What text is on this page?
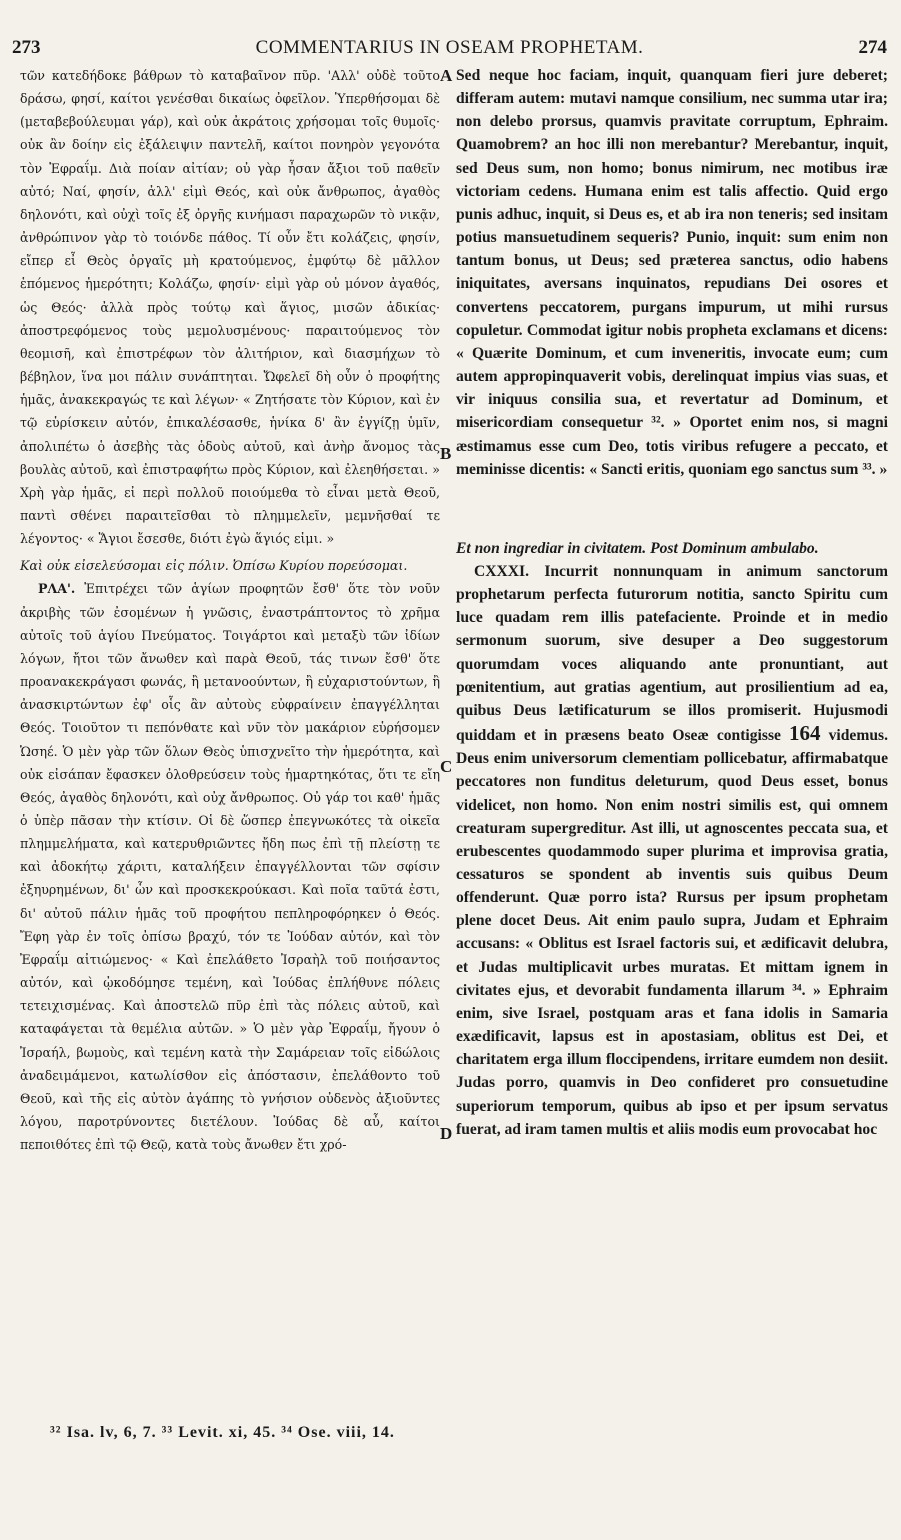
273	COMMENTARIUS IN OSEAM PROPHETAM.	274

τῶν κατεδήδοκε βάθρων τὸ καταβαῖνον πῦρ. 'Αλλ' οὐδὲ τοῦτο δράσω, φησί, καίτοι γενέσθαι δικαίως ὀφεῖλον. Ὑπερθήσομαι δὲ (μεταβεβούλευμαι γάρ), καὶ οὐκ ἀκράτοις χρήσομαι τοῖς θυμοῖς· οὐκ ἂν δοίην εἰς ἐξάλειψιν παντελῆ, καίτοι πονηρὸν γεγονότα τὸν Ἐφραΐμ. Διὰ ποίαν αἰτίαν; οὐ γὰρ ἦσαν ἄξιοι τοῦ παθεῖν αὐτό; Ναί, φησίν, ἀλλ' εἰμὶ Θεός, καὶ οὐκ ἄνθρωπος, ἀγαθὸς δηλονότι, καὶ οὐχὶ τοῖς ἐξ ὀργῆς κινήμασι παραχωρῶν τὸ νικᾷν, ἀνθρώπινον γὰρ τὸ τοιόνδε πάθος. Τί οὖν ἔτι κολάζεις, φησίν, εἴπερ εἶ Θεὸς ὀργαῖς μὴ κρατούμενος, ἐμφύτῳ δὲ μᾶλλον ἑπόμενος ἡμερότητι; Κολάζω, φησίν· εἰμὶ γὰρ οὐ μόνον ἀγαθός, ὡς Θεός· ἀλλὰ πρὸς τούτῳ καὶ ἅγιος, μισῶν ἀδικίας· ἀποστρεφόμενος τοὺς μεμολυσμένους· παραιτούμενος τὸν θεομισῆ, καὶ ἐπιστρέφων τὸν ἀλιτήριον, καὶ διασμήχων τὸ βέβηλον, ἵνα μοι πάλιν συνάπτηται. Ὤφελεῖ δὴ οὖν ὁ προφήτης ἡμᾶς, ἀνακεκραγώς τε καὶ λέγων· « Ζητήσατε τὸν Κύριον, καὶ ἐν τῷ εὑρίσκειν αὐτόν, ἐπικαλέσασθε, ἡνίκα δ' ἂν ἐγγίζῃ ὑμῖν, ἀπολιπέτω ὁ ἀσεβὴς τὰς ὁδοὺς αὐτοῦ, καὶ ἀνὴρ ἄνομος τὰς βουλὰς αὐτοῦ, καὶ ἐπιστραφήτω πρὸς Κύριον, καὶ ἐλεηθήσεται. » Χρὴ γὰρ ἡμᾶς, εἰ περὶ πολλοῦ ποιούμεθα τὸ εἶναι μετὰ Θεοῦ, παντὶ σθένει παραιτεῖσθαι τὸ πλημμελεῖν, μεμνῆσθαί τε λέγοντος· « Ἅγιοι ἔσεσθε, διότι ἐγὼ ἅγιός εἰμι. »

Καὶ οὐκ εἰσελεύσομαι εἰς πόλιν. Ὀπίσω Κυρίου πορεύσομαι.

ΡΛΑ'. Ἐπιτρέχει τῶν ἁγίων προφητῶν ἔσθ' ὅτε τὸν νοῦν ἀκριβὴς τῶν ἐσομένων ἡ γνῶσις, ἐναστράπτοντος τὸ χρῆμα αὐτοῖς τοῦ ἁγίου Πνεύματος. Τοιγάρτοι καὶ μεταξὺ τῶν ἰδίων λόγων, ἤτοι τῶν ἄνωθεν καὶ παρὰ Θεοῦ, τάς τινων ἔσθ' ὅτε προανακεκράγασι φωνάς, ἢ μετανοούντων, ἢ εὐχαριστούντων, ἢ ἀνασκιρτώντων ἐφ' οἷς ἂν αὐτοὺς εὐφραίνειν ἐπαγγέλληται Θεός. Τοιοῦτον τι πεπόνθατε καὶ νῦν τὸν μακάριον εὑρήσομεν Ὡσηέ. Ὁ μὲν γὰρ τῶν ὅλων Θεὸς ὑπισχνεῖτο τὴν ἡμερότητα, καὶ οὐκ εἰσάπαν ἔφασκεν ὀλοθρεύσειν τοὺς ἡμαρτηκότας, ὅτι τε εἴη Θεός, ἀγαθὸς δηλονότι, καὶ οὐχ ἄνθρωπος. Οὐ γάρ τοι καθ' ἡμᾶς ὁ ὑπὲρ πᾶσαν τὴν κτίσιν. Οἱ δὲ ὥσπερ ἐπεγνωκότες τὰ οἰκεῖα πλημμελήματα, καὶ κατερυθριῶντες ἤδη πως ἐπὶ τῇ πλείστῃ τε καὶ ἀδοκήτῳ χάριτι, καταλήξειν ἐπαγγέλλονται τῶν σφίσιν ἐξηυρημένων, δι' ὧν καὶ προσκεκρούκασι. Καὶ ποῖα ταῦτά ἐστι, δι' αὐτοῦ πάλιν ἡμᾶς τοῦ προφήτου πεπληροφόρηκεν ὁ Θεός. Ἔφη γὰρ ἐν τοῖς ὀπίσω βραχύ, τόν τε Ἰούδαν αὐτόν, καὶ τὸν Ἐφραΐμ αἰτιώμενος· « Καὶ ἐπελάθετο Ἰσραὴλ τοῦ ποιήσαντος αὐτόν, καὶ ᾠκοδόμησε τεμένη, καὶ Ἰούδας ἐπλήθυνε πόλεις τετειχισμένας. Καὶ ἀποστελῶ πῦρ ἐπὶ τὰς πόλεις αὐτοῦ, καὶ καταφάγεται τὰ θεμέλια αὐτῶν. » Ὁ μὲν γὰρ Ἐφραΐμ, ἤγουν ὁ Ἰσραήλ, βωμοὺς, καὶ τεμένη κατὰ τὴν Σαμάρειαν τοῖς εἰδώλοις ἀναδειμάμενοι, κατωλίσθον εἰς ἀπόστασιν, ἐπελάθοντο τοῦ Θεοῦ, καὶ τῆς εἰς αὐτὸν ἀγάπης τὸ γνήσιον οὐδενὸς ἀξιοῦντες λόγου, παροτρύνοντες διετέλουν. Ἰούδας δὲ αὖ, καίτοι πεποιθότες ἐπὶ τῷ Θεῷ, κατὰ τοὺς ἄνωθεν ἔτι χρό-

A
B
C
D

Sed neque hoc faciam, inquit, quanquam fieri jure deberet; differam autem: mutavi namque consilium, nec summa utar ira; non delebo prorsus, quamvis pravitate corruptum, Ephraim. Quamobrem? an hoc illi non merebantur? Merebantur, inquit, sed Deus sum, non homo; bonus nimirum, nec motibus iræ victoriam cedens. Humana enim est talis affectio. Quid ergo punis adhuc, inquit, si Deus es, et ab ira non teneris; sed insitam potius mansuetudinem sequeris? Punio, inquit: sum enim non tantum bonus, ut Deus; sed præterea sanctus, odio habens iniquitates, aversans inquinatos, repudians Dei osores et convertens peccatorem, purgans impurum, ut mihi rursus copuletur. Commodat igitur nobis propheta exclamans et dicens: « Quærite Dominum, et cum inveneritis, invocate eum; cum autem appropinquaverit vobis, derelinquat impius vias suas, et vir iniquus consilia sua, et revertatur ad Dominum, et misericordiam consequetur ³². » Oportet enim nos, si magni æstimamus esse cum Deo, totis viribus refugere a peccato, et meminisse dicentis: « Sancti eritis, quoniam ego sanctus sum ³³. »

Et non ingrediar in civitatem. Post Dominum ambulabo.

CXXXI. Incurrit nonnunquam in animum sanctorum prophetarum perfecta futurorum notitia, sancto Spiritu cum luce quadam rem illis patefaciente. Proinde et in medio sermonum suorum, sive desuper a Deo suggestorum quorumdam voces aliquando ante pronuntiant, aut pœnitentium, aut gratias agentium, aut prosilientium ad ea, quibus Deus lætificaturum se illos promiserit. Hujusmodi quiddam et in præsens beato Oseæ contigisse 164 videmus. Deus enim universorum clementiam pollicebatur, affirmabatque peccatores non funditus deleturum, quod Deus esset, bonus videlicet, non homo. Non enim nostri similis est, qui omnem creaturam supergreditur. Ast illi, ut agnoscentes peccata sua, et erubescentes quodammodo super plurima et improvisa gratia, cessaturos se spondent ab inventis suis quibus Deum offenderunt. Quæ porro ista? Rursus per ipsum prophetam plene docet Deus. Ait enim paulo supra, Judam et Ephraim accusans: « Oblitus est Israel factoris sui, et ædificavit delubra, et Judas multiplicavit urbes muratas. Et mittam ignem in civitates ejus, et devorabit fundamenta illarum ³⁴. » Ephraim enim, sive Israel, postquam aras et fana idolis in Samaria exædificavit, lapsus est in apostasiam, oblitus est Dei, et charitatem erga illum floccipendens, irritare eumdem non desiit. Judas porro, quamvis in Deo confideret pro consuetudine superiorum temporum, quibus ab ipso et per ipsum servatus fuerat, ad iram tamen multis et aliis modis eum provocabat hoc

³² Isa. lv, 6, 7. ³³ Levit. xi, 45. ³⁴ Ose. viii, 14.
